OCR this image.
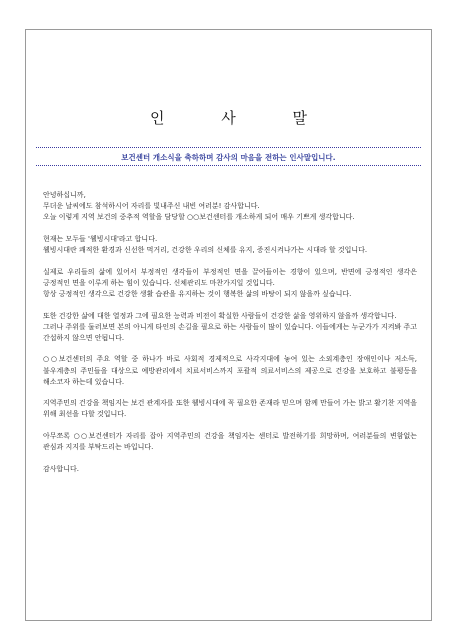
인 사 말
보건센터 개소식을 축하하며 감사의 마음을 전하는 인사말입니다.

안녕하십니까,
무더운 날씨에도 참석하시어 자리를 빛내주신 내빈 여러분! 감사합니다.
오늘 이렇게 지역 보건의 중추적 역할을 담당할 ○○보건센터를 개소하게 되어 매우 기쁘게 생각합니다.

현재는 모두들 '웰빙시대'라고 합니다.
웰빙시대란 쾌적한 환경과 신선한 먹거리, 건강한 우리의 신체를 유지, 증진시켜나가는 시대라 할 것입니다.

실제로 우리들의 삶에 있어서 부정적인 생각들이 부정적인 면을 끌어들이는 경향이 있으며, 반면에 긍정적인 생각은 긍정적인 면을 이루게 하는 힘이 있습니다. 신체관리도 마찬가지일 것입니다.
항상 긍정적인 생각으로 건강한 생활 습관을 유지하는 것이 행복한 삶의 바탕이 되지 않을까 싶습니다.

또한 건강한 삶에 대한 열정과 그에 필요한 능력과 비전이 확실한 사람들이 건강한 삶을 영위하지 않을까 생각합니다.
그러나 주위를 둘러보면 본의 아니게 타인의 손길을 필요로 하는 사람들이 많이 있습니다. 이들에게는 누군가가 지켜봐 주고 간섭하지 않으면 안됩니다.

○○보건센터의 주요 역할 중 하나가 바로 사회적 경제적으로 사각지대에 놓여 있는 소외계층인 장애인이나 저소득, 불우계층의 주민들을 대상으로 예방관리에서 치료서비스까지 포괄적 의료서비스의 제공으로 건강을 보호하고 불평등을 해소코자 하는데 있습니다.

지역주민의 건강을 책임지는 보건 관계자를 또한 웰빙시대에 꼭 필요한 존재라 믿으며 함께 만들어 가는 밝고 활기찬 지역을 위해 최선을 다할 것입니다.

아무쪼록 ○○보건센터가 자리를 잡아 지역주민의 건강을 책임지는 센터로 발전하기를 희망하며, 여러분들의 변함없는 관심과 지지를 부탁드리는 바입니다.

감사합니다.
